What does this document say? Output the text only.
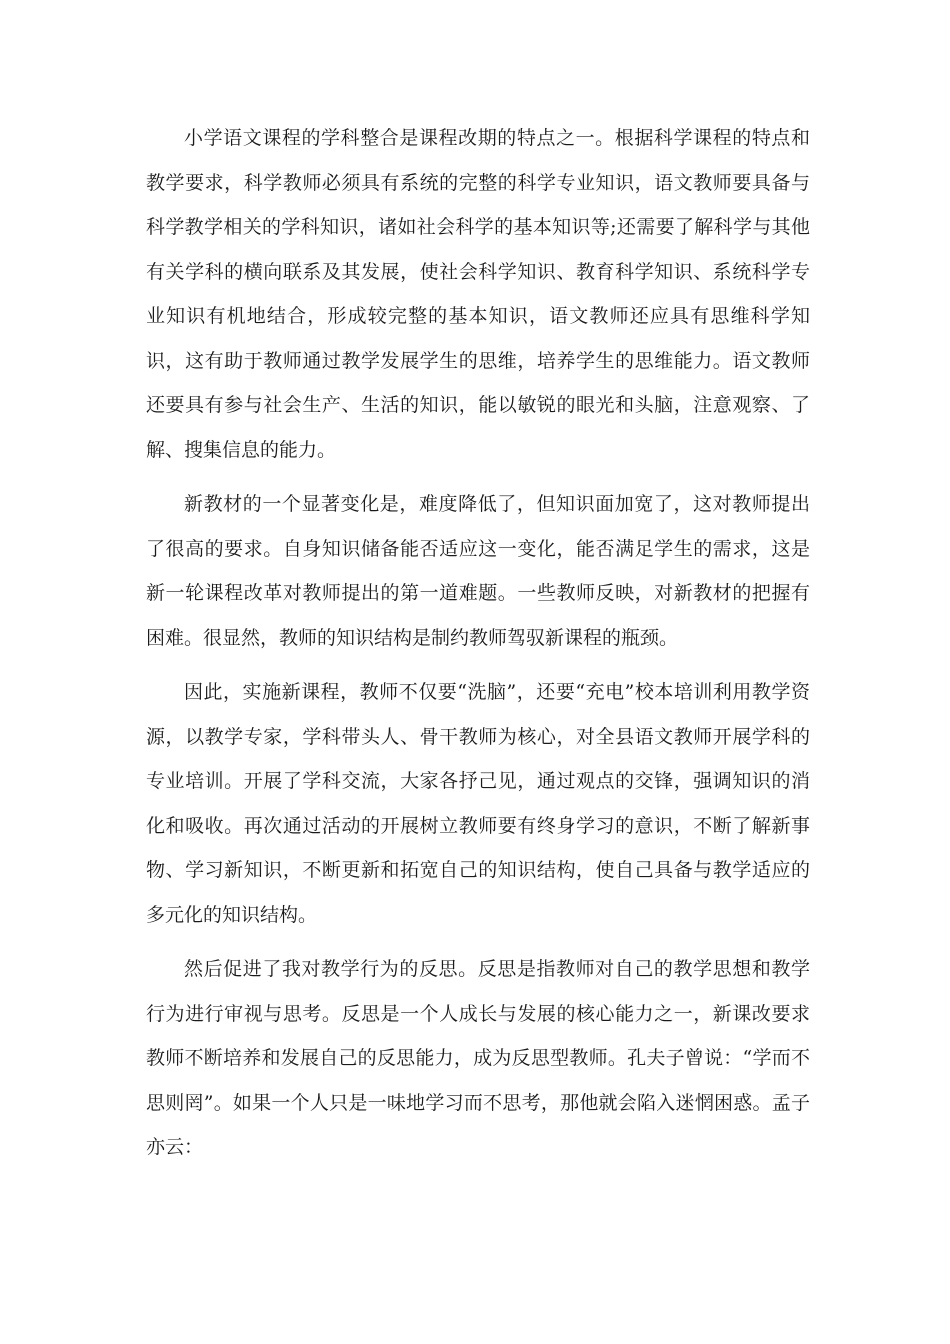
小学语文课程的学科整合是课程改期的特点之一。根据科学课程的特点和教学要求，科学教师必须具有系统的完整的科学专业知识，语文教师要具备与科学教学相关的学科知识，诸如社会科学的基本知识等;还需要了解科学与其他有关学科的横向联系及其发展，使社会科学知识、教育科学知识、系统科学专业知识有机地结合，形成较完整的基本知识，语文教师还应具有思维科学知识，这有助于教师通过教学发展学生的思维，培养学生的思维能力。语文教师还要具有参与社会生产、生活的知识，能以敏锐的眼光和头脑，注意观察、了解、搜集信息的能力。

新教材的一个显著变化是，难度降低了，但知识面加宽了，这对教师提出了很高的要求。自身知识储备能否适应这一变化，能否满足学生的需求，这是新一轮课程改革对教师提出的第一道难题。一些教师反映，对新教材的把握有困难。很显然，教师的知识结构是制约教师驾驭新课程的瓶颈。

因此，实施新课程，教师不仅要“洗脑”，还要“充电”校本培训利用教学资源，以教学专家，学科带头人、骨干教师为核心，对全县语文教师开展学科的专业培训。开展了学科交流，大家各抒己见，通过观点的交锋，强调知识的消化和吸收。再次通过活动的开展树立教师要有终身学习的意识，不断了解新事物、学习新知识，不断更新和拓宽自己的知识结构，使自己具备与教学适应的多元化的知识结构。

然后促进了我对教学行为的反思。反思是指教师对自己的教学思想和教学行为进行审视与思考。反思是一个人成长与发展的核心能力之一，新课改要求教师不断培养和发展自己的反思能力，成为反思型教师。孔夫子曾说：“学而不思则罔”。如果一个人只是一味地学习而不思考，那他就会陷入迷惘困惑。孟子亦云：
